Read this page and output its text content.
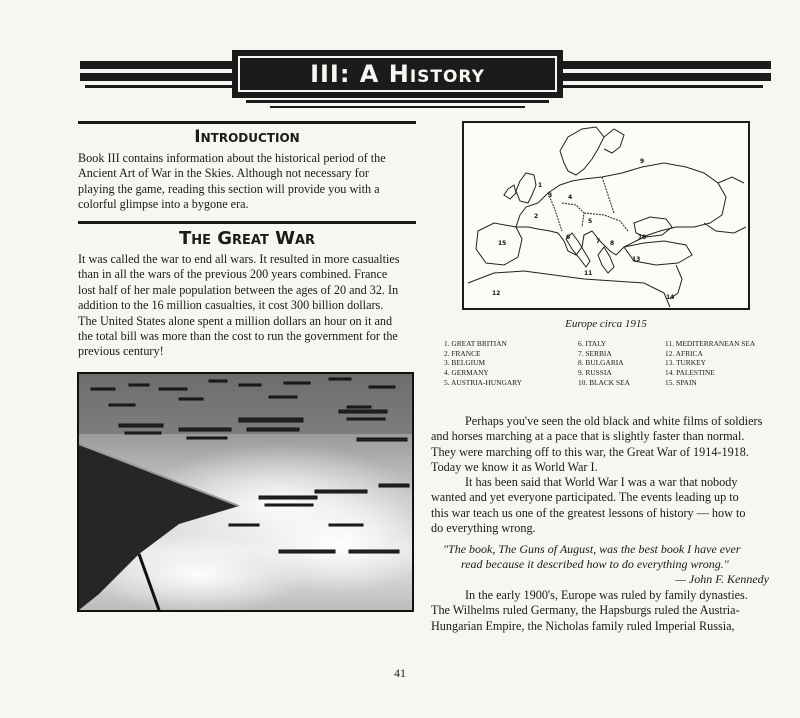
III: A History
Introduction
Book III contains information about the historical period of the
Ancient Art of War in the Skies. Although not necessary for
playing the game, reading this section will provide you with a
colorful glimpse into a bygone era.
The Great War
It was called the war to end all wars. It resulted in more casualties
than in all the wars of the previous 200 years combined. France
lost half of her male population between the ages of 20 and 32. In
addition to the 16 million casualties, it cost 300 billion dollars.
The United States alone spent a million dollars an hour on it and
the total bill was more than the cost to run the government for the
previous century!
1
2
3	4
5
6
7 8
9
10
11
12
13
14
15
Europe circa 1915
1. GREAT BRITIAN
2. FRANCE
3. BELGIUM
4. GERMANY
5. AUSTRIA-HUNGARY
6. ITALY
7. SERBIA
8. BULGARIA
9. RUSSIA
10. BLACK SEA
11. MEDITERRANEAN SEA
12. AFRICA
13. TURKEY
14. PALESTINE
15. SPAIN
Perhaps you've seen the old black and white films of soldiers
and horses marching at a pace that is slightly faster than normal.
They were marching off to this war, the Great War of 1914-1918.
Today we know it as World War I.
It has been said that World War I was a war that nobody
wanted and yet everyone participated. The events leading up to
this war teach us one of the greatest lessons of history — how to
do everything wrong.
"The book, The Guns of August, was the best book I have ever
read because it described how to do everything wrong."
— John F. Kennedy
In the early 1900's, Europe was ruled by family dynasties.
The Wilhelms ruled Germany, the Hapsburgs ruled the Austria-
Hungarian Empire, the Nicholas family ruled Imperial Russia,
41
